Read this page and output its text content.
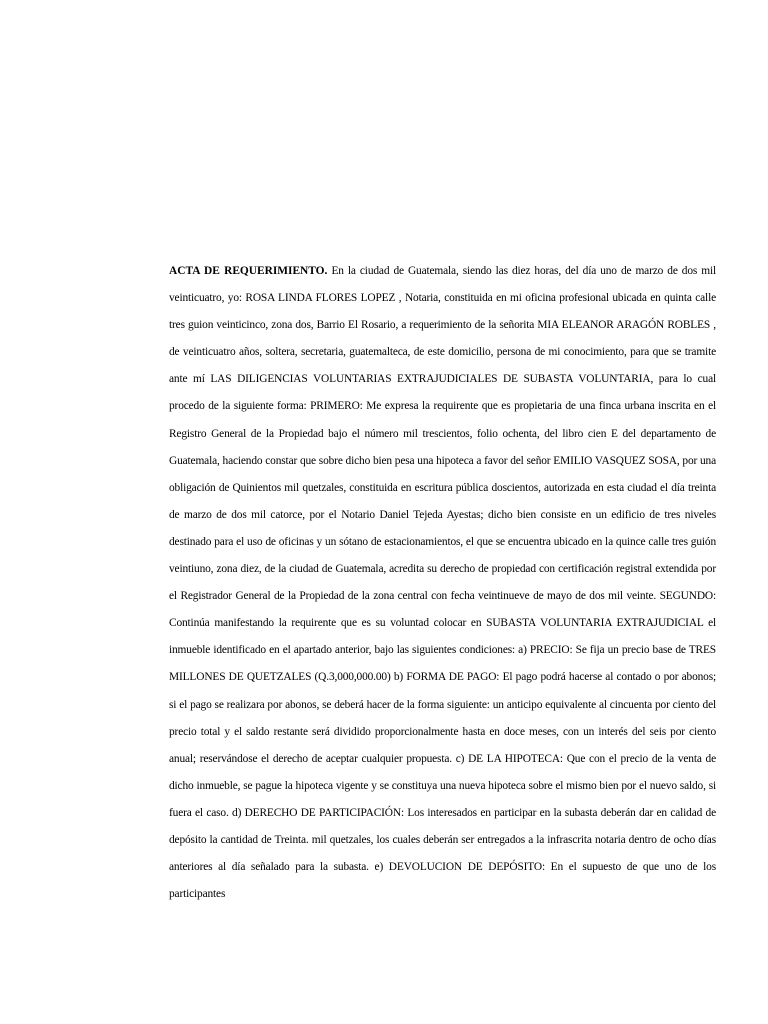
ACTA DE REQUERIMIENTO. En la ciudad de Guatemala, siendo las diez horas, del día uno de marzo de dos mil veinticuatro, yo: ROSA LINDA FLORES LOPEZ , Notaria, constituida en mi oficina profesional ubicada en quinta calle tres guion veinticinco, zona dos, Barrio El Rosario, a requerimiento de la señorita MIA ELEANOR ARAGÓN ROBLES , de veinticuatro años, soltera, secretaria, guatemalteca, de este domicilio, persona de mi conocimiento, para que se tramite ante mí LAS DILIGENCIAS VOLUNTARIAS EXTRAJUDICIALES DE SUBASTA VOLUNTARIA, para lo cual procedo de la siguiente forma: PRIMERO: Me expresa la requirente que es propietaria de una finca urbana inscrita en el Registro General de la Propiedad bajo el número mil trescientos, folio ochenta, del libro cien E del departamento de Guatemala, haciendo constar que sobre dicho bien pesa una hipoteca a favor del señor EMILIO VASQUEZ SOSA, por una obligación de Quinientos mil quetzales, constituida en escritura pública doscientos, autorizada en esta ciudad el día treinta de marzo de dos mil catorce, por el Notario Daniel Tejeda Ayestas; dicho bien consiste en un edificio de tres niveles destinado para el uso de oficinas y un sótano de estacionamientos, el que se encuentra ubicado en la quince calle tres guión veintiuno, zona diez, de la ciudad de Guatemala, acredita su derecho de propiedad con certificación registral extendida por el Registrador General de la Propiedad de la zona central con fecha veintinueve de mayo de dos mil veinte. SEGUNDO: Continúa manifestando la requirente que es su voluntad colocar en SUBASTA VOLUNTARIA EXTRAJUDICIAL el inmueble identificado en el apartado anterior, bajo las siguientes condiciones: a) PRECIO: Se fija un precio base de TRES MILLONES DE QUETZALES (Q.3,000,000.00) b) FORMA DE PAGO: El pago podrá hacerse al contado o por abonos; si el pago se realizara por abonos, se deberá hacer de la forma siguiente: un anticipo equivalente al cincuenta por ciento del precio total y el saldo restante será dividido proporcionalmente hasta en doce meses, con un interés del seis por ciento anual; reservándose el derecho de aceptar cualquier propuesta. c) DE LA HIPOTECA: Que con el precio de la venta de dicho inmueble, se pague la hipoteca vigente y se constituya una nueva hipoteca sobre el mismo bien por el nuevo saldo, si fuera el caso. d) DERECHO DE PARTICIPACIÓN: Los interesados en participar en la subasta deberán dar en calidad de depósito la cantidad de Treinta. mil quetzales, los cuales deberán ser entregados a la infrascrita notaria dentro de ocho días anteriores al día señalado para la subasta. e) DEVOLUCION DE DEPÓSITO: En el supuesto de que uno de los participantes
